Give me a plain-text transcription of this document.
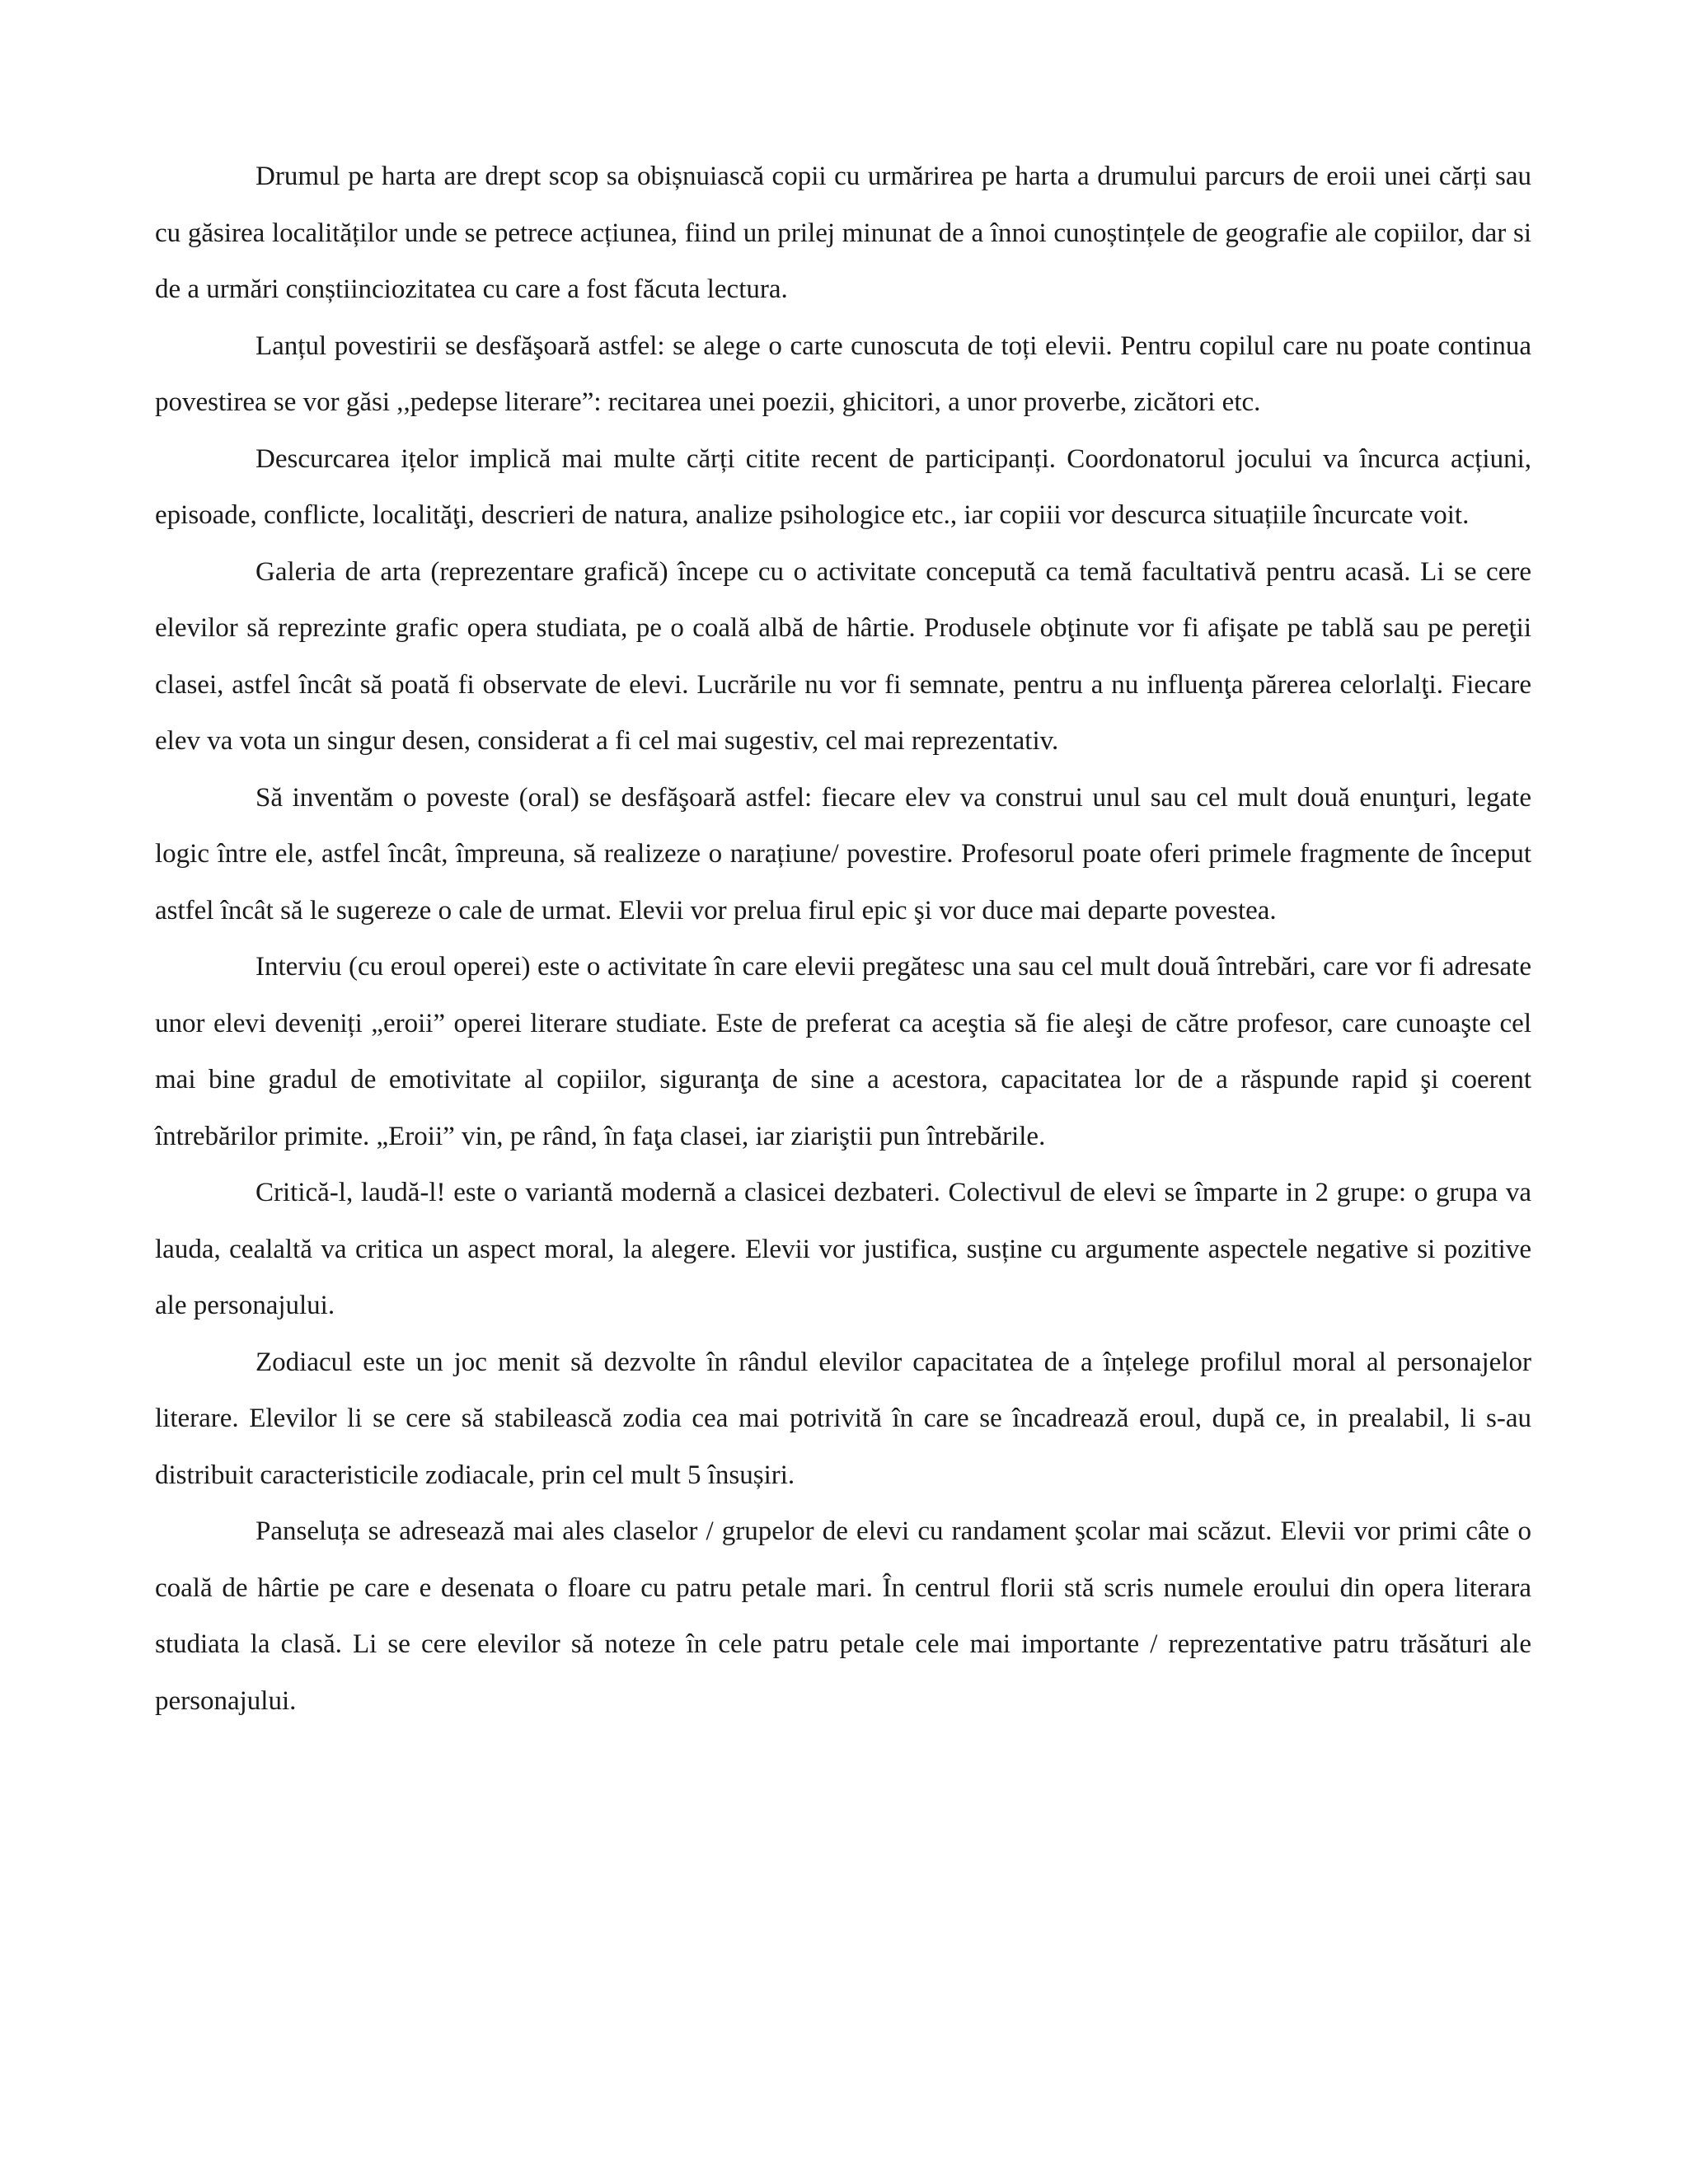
Drumul pe harta are drept scop sa obișnuiască copii cu urmărirea pe harta a drumului parcurs de eroii unei cărți sau cu găsirea localităților unde se petrece acțiunea, fiind un prilej minunat de a înnoi cunoștințele de geografie ale copiilor, dar si de a urmări conștiinciozitatea cu care a fost făcuta lectura.

Lanțul povestirii se desfăşoară astfel: se alege o carte cunoscuta de toți elevii. Pentru copilul care nu poate continua povestirea se vor găsi ,,pedepse literare”: recitarea unei poezii, ghicitori, a unor proverbe, zicători etc.

Descurcarea ițelor implică mai multe cărți citite recent de participanți. Coordonatorul jocului va încurca acțiuni, episoade, conflicte, localităţi, descrieri de natura, analize psihologice etc., iar copiii vor descurca situațiile încurcate voit.

Galeria de arta (reprezentare grafică) începe cu o activitate concepută ca temă facultativă pentru acasă. Li se cere elevilor să reprezinte grafic opera studiata, pe o coală albă de hârtie. Produsele obţinute vor fi afişate pe tablă sau pe pereţii clasei, astfel încât să poată fi observate de elevi. Lucrările nu vor fi semnate, pentru a nu influenţa părerea celorlalţi. Fiecare elev va vota un singur desen, considerat a fi cel mai sugestiv, cel mai reprezentativ.

Să inventăm o poveste (oral) se desfăşoară astfel: fiecare elev va construi unul sau cel mult două enunţuri, legate logic între ele, astfel încât, împreuna, să realizeze o narațiune/ povestire. Profesorul poate oferi primele fragmente de început astfel încât să le sugereze o cale de urmat. Elevii vor prelua firul epic şi vor duce mai departe povestea.

Interviu (cu eroul operei) este o activitate în care elevii pregătesc una sau cel mult două întrebări, care vor fi adresate unor elevi deveniți „eroii” operei literare studiate. Este de preferat ca aceştia să fie aleşi de către profesor, care cunoaşte cel mai bine gradul de emotivitate al copiilor, siguranţa de sine a acestora, capacitatea lor de a răspunde rapid şi coerent întrebărilor primite. „Eroii” vin, pe rând, în faţa clasei, iar ziariştii pun întrebările.

Critică-l, laudă-l! este o variantă modernă a clasicei dezbateri. Colectivul de elevi se împarte in 2 grupe: o grupa va lauda, cealaltă va critica un aspect moral, la alegere. Elevii vor justifica, susține cu argumente aspectele negative si pozitive ale personajului.

Zodiacul este un joc menit să dezvolte în rândul elevilor capacitatea de a înțelege profilul moral al personajelor literare. Elevilor li se cere să stabilească zodia cea mai potrivită în care se încadrează eroul, după ce, in prealabil, li s-au distribuit caracteristicile zodiacale, prin cel mult 5 însușiri.

Panseluța se adresează mai ales claselor / grupelor de elevi cu randament şcolar mai scăzut. Elevii vor primi câte o coală de hârtie pe care e desenata o floare cu patru petale mari. În centrul florii stă scris numele eroului din opera literara studiata la clasă. Li se cere elevilor să noteze în cele patru petale cele mai importante / reprezentative patru trăsături ale personajului.
